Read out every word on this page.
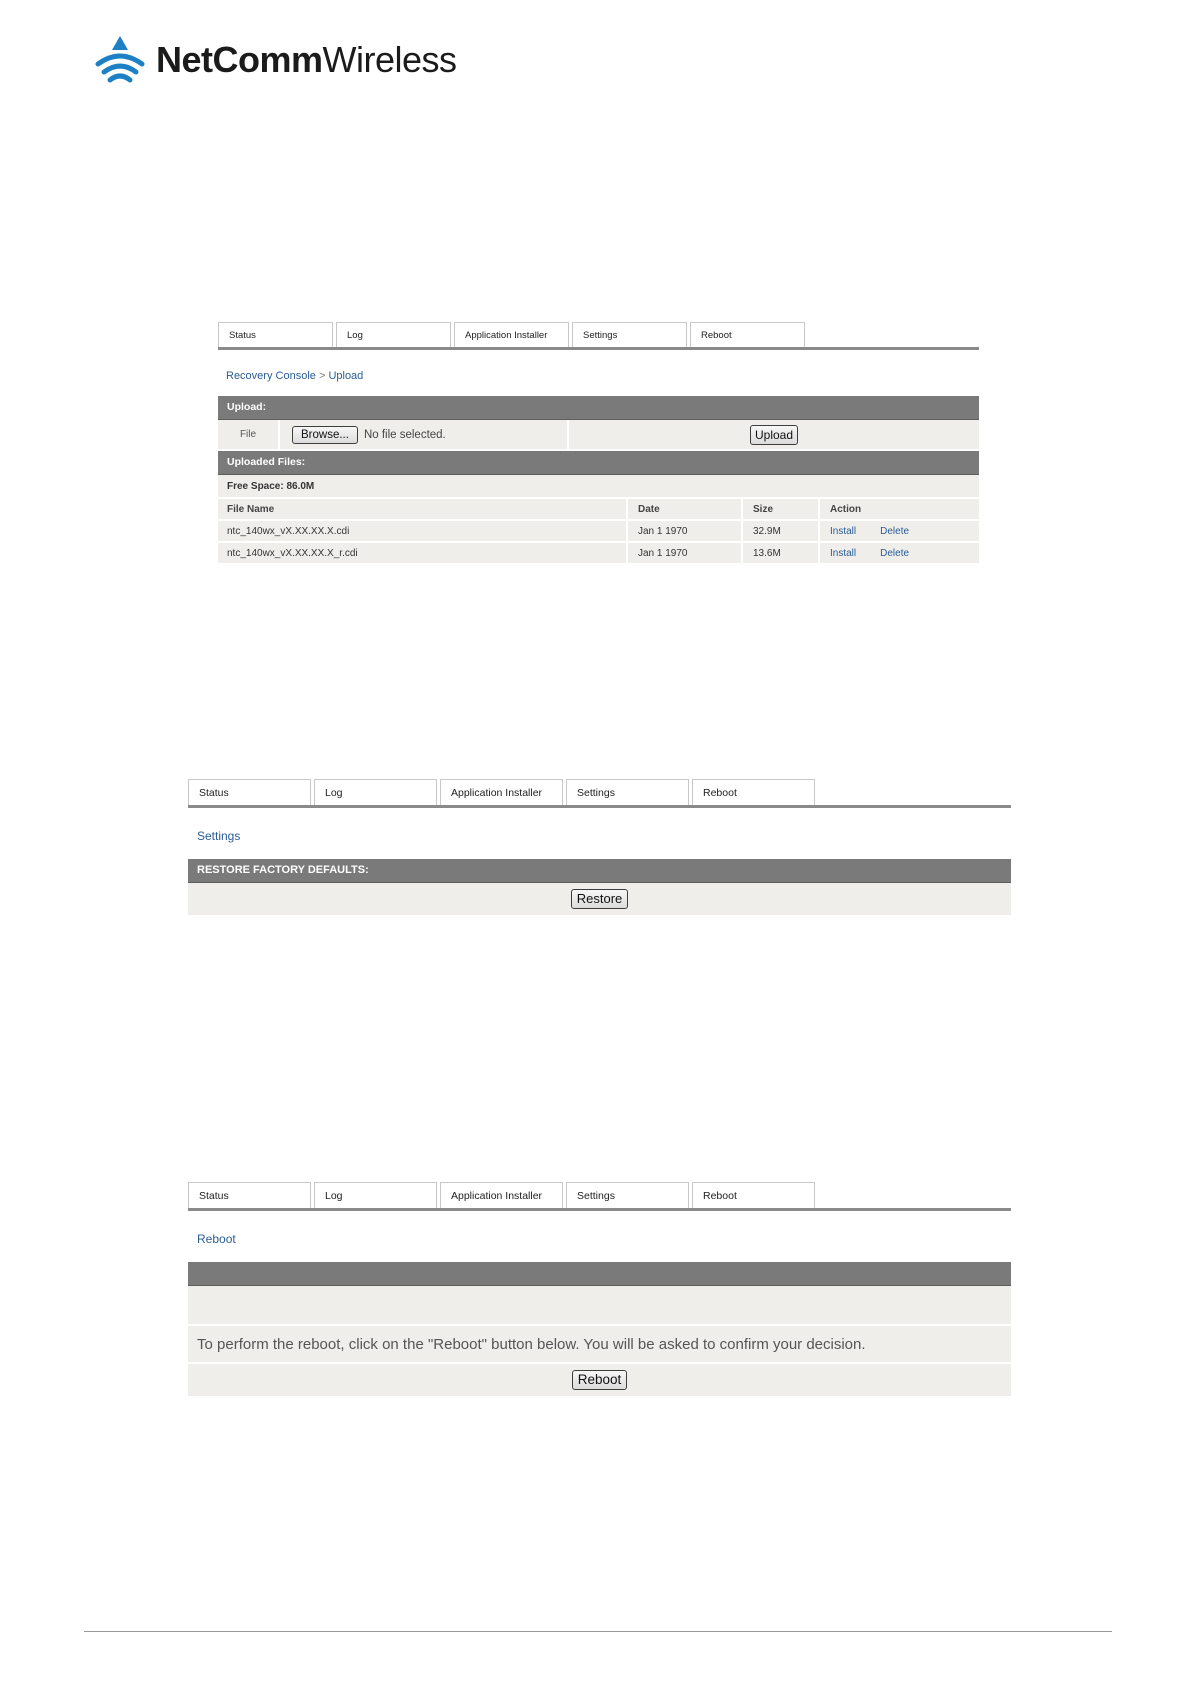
NetCommWireless
Status	Log	Application Installer	Settings	Reboot
Recovery Console > Upload
Upload:
File	Browse...	No file selected.	Upload
Uploaded Files:
Free Space: 86.0M
File Name	Date	Size	Action
ntc_140wx_vX.XX.XX.X.cdi	Jan 1 1970	32.9M	Install Delete
ntc_140wx_vX.XX.XX.X_r.cdi	Jan 1 1970	13.6M	Install Delete
Status	Log	Application Installer	Settings	Reboot
Settings
RESTORE FACTORY DEFAULTS:
Restore
Status	Log	Application Installer	Settings	Reboot
Reboot
To perform the reboot, click on the "Reboot" button below. You will be asked to confirm your decision.
Reboot
